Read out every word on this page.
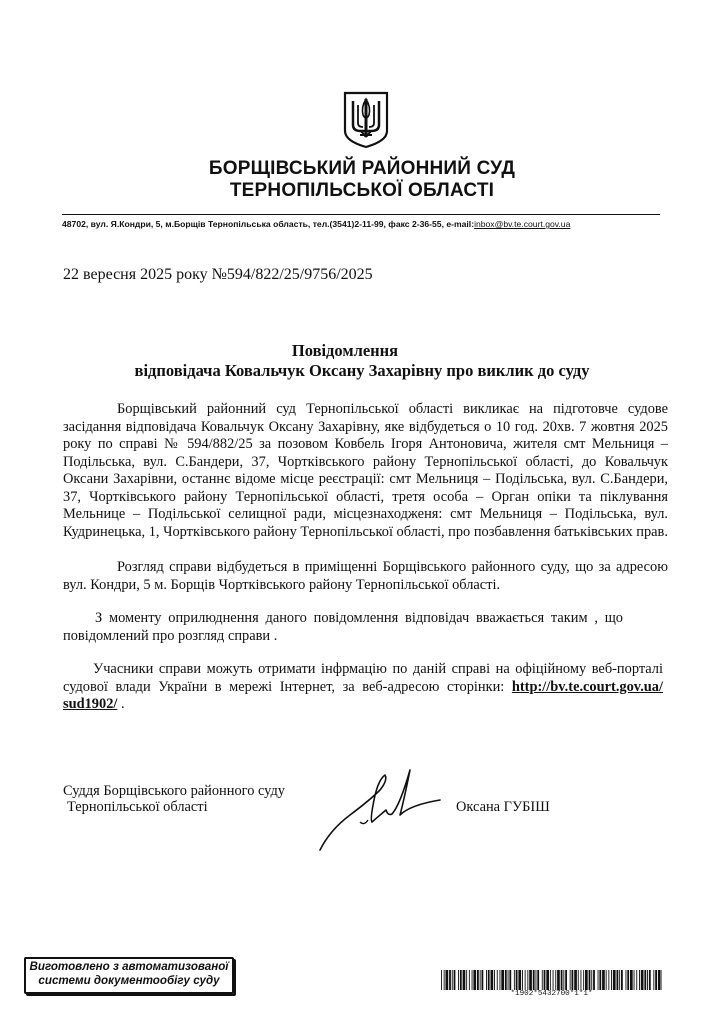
БОРЩІВСЬКИЙ РАЙОННИЙ СУД
ТЕРНОПІЛЬСЬКОЇ ОБЛАСТІ
48702, вул. Я.Кондри, 5, м.Борщів Тернопільська область, тел.(3541)2-11-99, факс 2-36-55, e-mail:inbox@bv.te.court.gov.ua
22 вересня 2025 року №594/822/25/9756/2025
Повідомлення
відповідача Ковальчук Оксану Захарівну про виклик до суду
Борщівський районний суд Тернопільської області викликає на підготовче судове засідання відповідача Ковальчук Оксану Захарівну, яке відбудеться о 10 год. 20хв. 7 жовтня 2025 року по справі № 594/882/25 за позовом Ковбель Ігоря Антоновича, жителя смт Мельниця – Подільська, вул. С.Бандери, 37, Чортківського району Тернопільської області, до Ковальчук Оксани Захарівни, останнє відоме місце реєстрації: смт Мельниця – Подільська, вул. С.Бандери, 37, Чортківського району Тернопільської області, третя особа – Орган опіки та піклування Мельнице – Подільської селищної ради, місцезнаходженя: смт Мельниця – Подільська, вул. Кудринецька, 1, Чортківського району Тернопільської області, про позбавлення батьківських прав.
Розгляд справи відбудеться в приміщенні Борщівського районного суду, що за адресою вул. Кондри, 5 м. Борщів Чортківського району Тернопільської області.
З моменту оприлюднення даного повідомлення відповідач вважається таким , що повідомлений про розгляд справи .
Учасники справи можуть отримати інфрмацію по даній справі на офіційному веб-порталі судової влади України в мережі Інтернет, за веб-адресою сторінки: http://bv.te.court.gov.ua/ sud1902/ .
Суддя Борщівського районного суду
Тернопільської області	Оксана ГУБІШ
Виготовлено з автоматизованої
системи документообігу суду
*1902*5432700*1*1*
